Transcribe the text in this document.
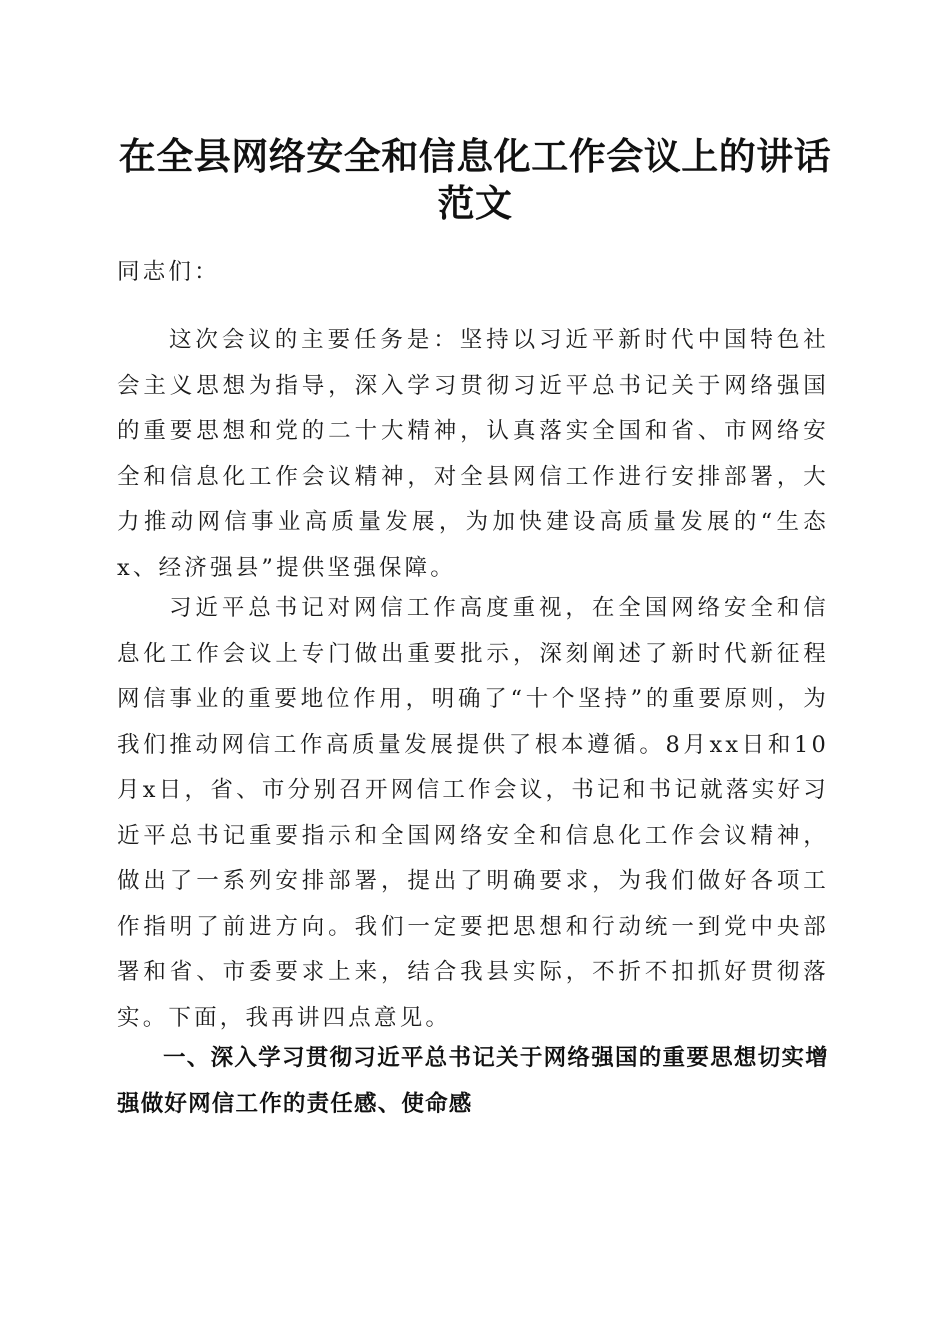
在全县网络安全和信息化工作会议上的讲话范文

同志们：

这次会议的主要任务是：坚持以习近平新时代中国特色社会主义思想为指导，深入学习贯彻习近平总书记关于网络强国的重要思想和党的二十大精神，认真落实全国和省、市网络安全和信息化工作会议精神，对全县网信工作进行安排部署，大力推动网信事业高质量发展，为加快建设高质量发展的“生态x、经济强县”提供坚强保障。

习近平总书记对网信工作高度重视，在全国网络安全和信息化工作会议上专门做出重要批示，深刻阐述了新时代新征程网信事业的重要地位作用，明确了“十个坚持”的重要原则，为我们推动网信工作高质量发展提供了根本遵循。8月xx日和10月x日，省、市分别召开网信工作会议，书记和书记就落实好习近平总书记重要指示和全国网络安全和信息化工作会议精神，做出了一系列安排部署，提出了明确要求，为我们做好各项工作指明了前进方向。我们一定要把思想和行动统一到党中央部署和省、市委要求上来，结合我县实际，不折不扣抓好贯彻落实。下面，我再讲四点意见。

一、深入学习贯彻习近平总书记关于网络强国的重要思想切实增强做好网信工作的责任感、使命感
